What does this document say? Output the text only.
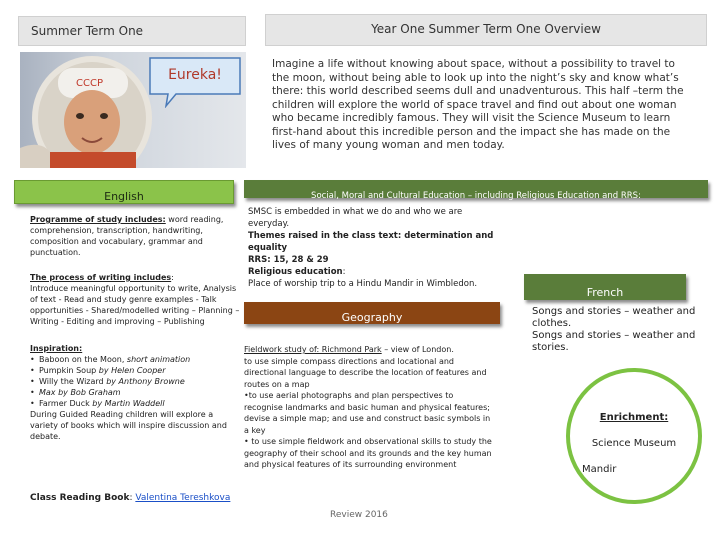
Summer Term One	Year One Summer Term One Overview
СССР
Eureka!
Imagine a life without knowing about space, without a possibility to travel to the moon, without being able to look up into the night’s sky and know what’s there: this world described seems dull and unadventurous. This half –term the children will explore the world of space travel and find out about one woman who became incredibly famous. They will visit the Science Museum to learn first-hand about this incredible person and the impact she has made on the lives of many young woman and men today.
$_{English}$
Programme of study includes: word reading, comprehension, transcription, handwriting, composition and vocabulary, grammar and punctuation.
The process of writing includes:
Introduce meaningful opportunity to write, Analysis of text - Read and study genre examples - Talk opportunities - Shared/modelled writing – Planning – Writing - Editing and improving – Publishing
Inspiration:
• Baboon on the Moon, short animation
• Pumpkin Soup by Helen Cooper
• Willy the Wizard by Anthony Browne
• Max by Bob Graham
• Farmer Duck by Martin Waddell
During Guided Reading children will explore a variety of books which will inspire discussion and debate.
Class Reading Book: Valentina Tereshkova
Social, Moral and Cultural Education – including Religious Education and RRS:
SMSC is embedded in what we do and who we are everyday.
Themes raised in the class text: determination and equality
RRS: 15, 28 & 29
Religious education:
Place of worship trip to a Hindu Mandir in Wimbledon.
$_{Geography}$
Fieldwork study of: Richmond Park – view of London.
to use simple compass directions and locational and directional language to describe the location of features and routes on a map
•to use aerial photographs and plan perspectives to recognise landmarks and basic human and physical features; devise a simple map; and use and construct basic symbols in a key
• to use simple fieldwork and observational skills to study the geography of their school and its grounds and the key human and physical features of its surrounding environment
$_{French}$
Songs and stories – weather and clothes.
Songs and stories – weather and stories.
Enrichment:
Science Museum
Mandir
Review 2016
